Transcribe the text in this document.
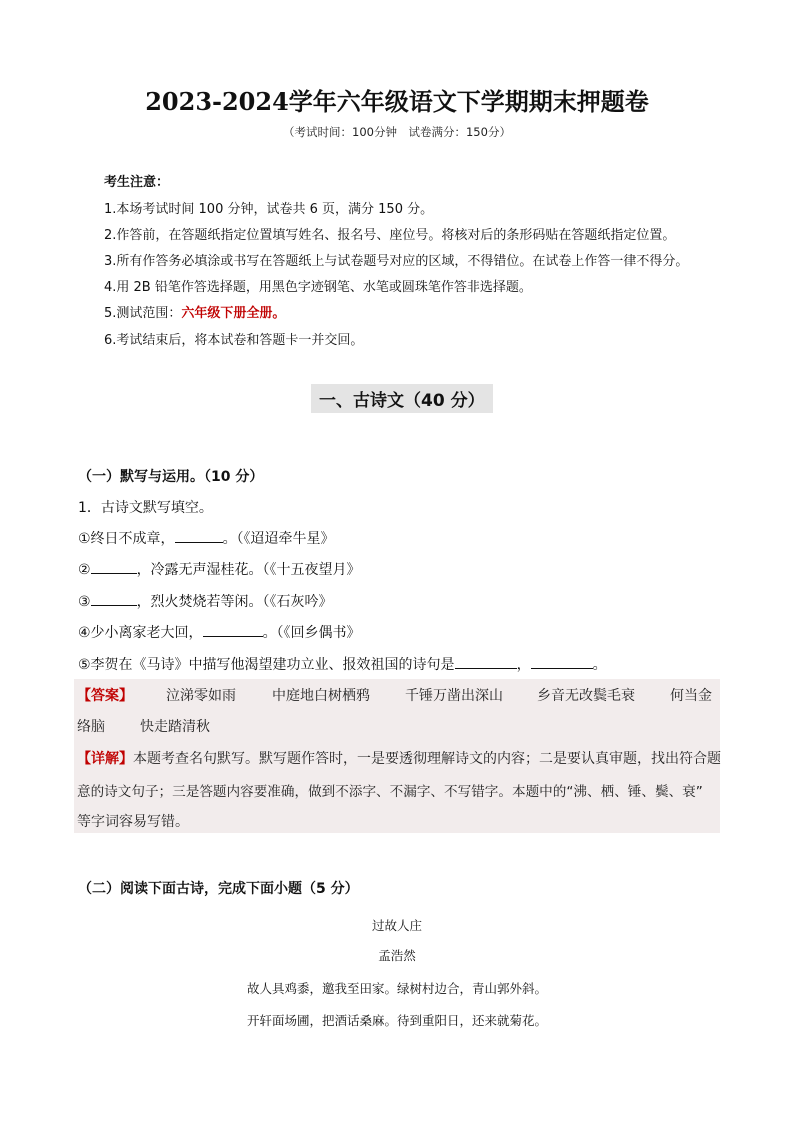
2023-2024学年六年级语文下学期期末押题卷
（考试时间：100分钟　试卷满分：150分）
考生注意：
1.本场考试时间 100 分钟，试卷共 6 页，满分 150 分。
2.作答前，在答题纸指定位置填写姓名、报名号、座位号。将核对后的条形码贴在答题纸指定位置。
3.所有作答务必填涂或书写在答题纸上与试卷题号对应的区域，不得错位。在试卷上作答一律不得分。
4.用 2B 铅笔作答选择题，用黑色字迹钢笔、水笔或圆珠笔作答非选择题。
5.测试范围：六年级下册全册。
6.考试结束后，将本试卷和答题卡一并交回。
一、古诗文（40 分）
（一）默写与运用。（10 分）
1．古诗文默写填空。
①终日不成章，	。（《迢迢牵牛星》
②	，冷露无声湿桂花。（《十五夜望月》
③	，烈火焚烧若等闲。（《石灰吟》
④少小离家老大回，	。（《回乡偶书》
⑤李贺在《马诗》中描写他渴望建功立业、报效祖国的诗句是	，	。
【答案】 泣涕零如雨	中庭地白树栖鸦	千锤万凿出深山 乡音无改鬓毛衰	何当金
络脑	快走踏清秋
【详解】本题考查名句默写。默写题作答时，一是要透彻理解诗文的内容；二是要认真审题，找出符合题
意的诗文句子；三是答题内容要准确，做到不添字、不漏字、不写错字。本题中的“沸、栖、锤、鬓、衰”
等字词容易写错。
（二）阅读下面古诗，完成下面小题（5 分）
过故人庄
孟浩然
故人具鸡黍，邀我至田家。绿树村边合，青山郭外斜。
开轩面场圃，把酒话桑麻。待到重阳日，还来就菊花。
